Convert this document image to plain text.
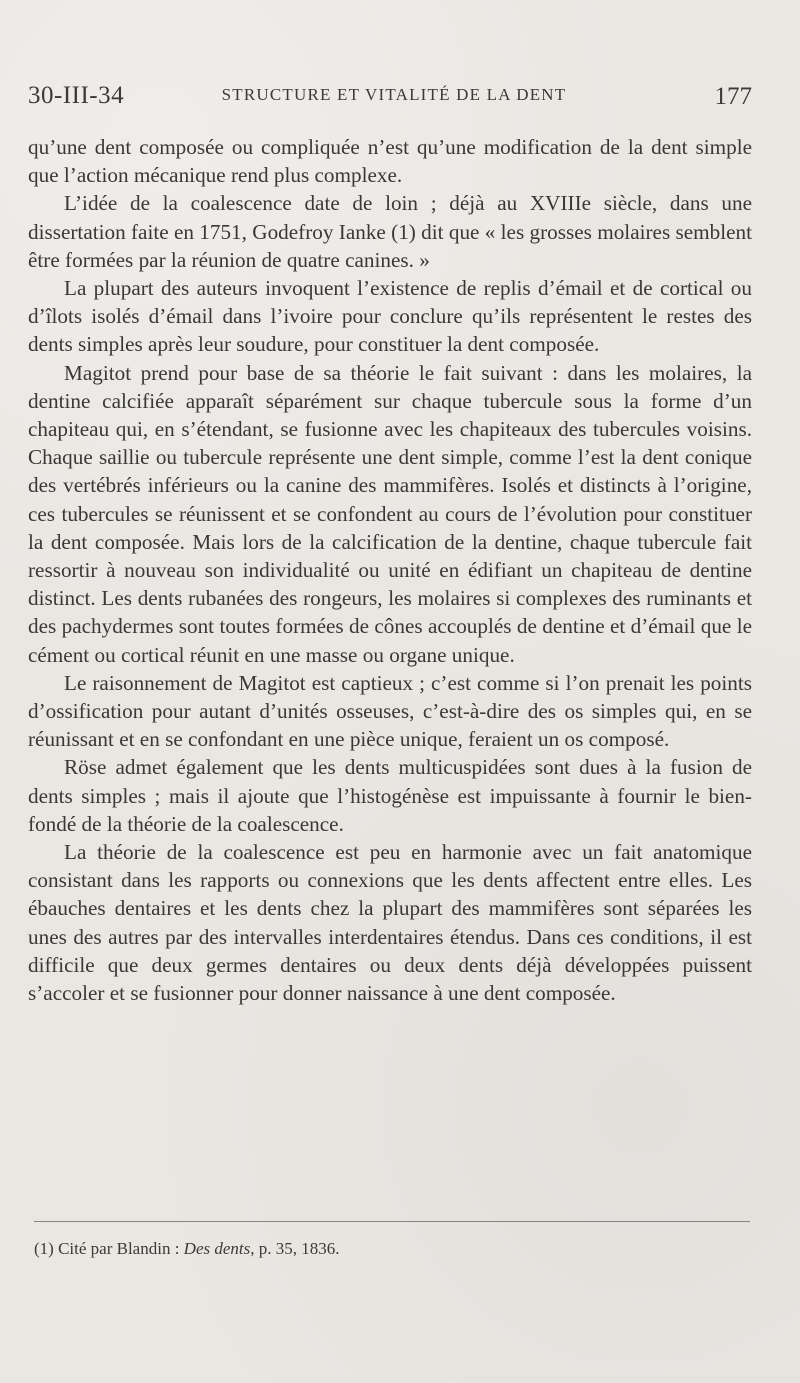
30-III-34	STRUCTURE ET VITALITÉ DE LA DENT	177

qu’une dent composée ou compliquée n’est qu’une modification de la dent simple que l’action mécanique rend plus complexe.

L’idée de la coalescence date de loin ; déjà au XVIIIe siècle, dans une dissertation faite en 1751, Godefroy Ianke (1) dit que « les grosses molaires semblent être formées par la réunion de quatre canines. »

La plupart des auteurs invoquent l’existence de replis d’émail et de cortical ou d’îlots isolés d’émail dans l’ivoire pour conclure qu’ils représentent le restes des dents simples après leur soudure, pour constituer la dent composée.

Magitot prend pour base de sa théorie le fait suivant : dans les molaires, la dentine calcifiée apparaît séparément sur chaque tubercule sous la forme d’un chapiteau qui, en s’étendant, se fusionne avec les chapiteaux des tubercules voisins. Chaque saillie ou tubercule représente une dent simple, comme l’est la dent conique des vertébrés inférieurs ou la canine des mammifères. Isolés et distincts à l’origine, ces tubercules se réunissent et se confondent au cours de l’évolution pour constituer la dent composée. Mais lors de la calcification de la dentine, chaque tubercule fait ressortir à nouveau son individualité ou unité en édifiant un chapiteau de dentine distinct. Les dents rubanées des rongeurs, les molaires si complexes des ruminants et des pachydermes sont toutes formées de cônes accouplés de dentine et d’émail que le cément ou cortical réunit en une masse ou organe unique.

Le raisonnement de Magitot est captieux ; c’est comme si l’on prenait les points d’ossification pour autant d’unités osseuses, c’est-à-dire des os simples qui, en se réunissant et en se confondant en une pièce unique, feraient un os composé.

Röse admet également que les dents multicuspidées sont dues à la fusion de dents simples ; mais il ajoute que l’histogénèse est impuissante à fournir le bien-fondé de la théorie de la coalescence.

La théorie de la coalescence est peu en harmonie avec un fait anatomique consistant dans les rapports ou connexions que les dents affectent entre elles. Les ébauches dentaires et les dents chez la plupart des mammifères sont séparées les unes des autres par des intervalles interdentaires étendus. Dans ces conditions, il est difficile que deux germes dentaires ou deux dents déjà développées puissent s’accoler et se fusionner pour donner naissance à une dent composée.

(1) Cité par Blandin : Des dents, p. 35, 1836.
